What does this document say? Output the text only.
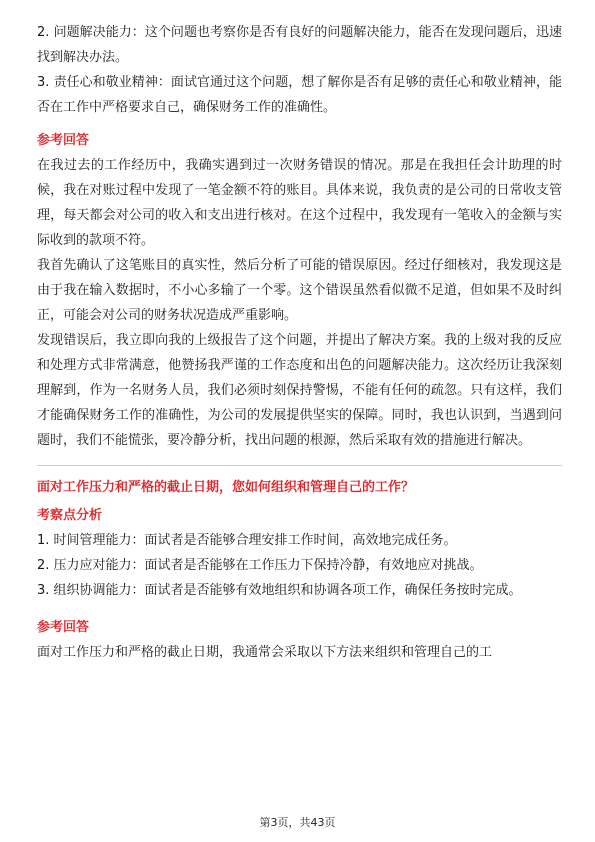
2. 问题解决能力：这个问题也考察你是否有良好的问题解决能力，能否在发现问题后，迅速找到解决办法。

3. 责任心和敬业精神：面试官通过这个问题，想了解你是否有足够的责任心和敬业精神，能否在工作中严格要求自己，确保财务工作的准确性。

参考回答

在我过去的工作经历中，我确实遇到过一次财务错误的情况。那是在我担任会计助理的时候，我在对账过程中发现了一笔金额不符的账目。具体来说，我负责的是公司的日常收支管理，每天都会对公司的收入和支出进行核对。在这个过程中，我发现有一笔收入的金额与实际收到的款项不符。

我首先确认了这笔账目的真实性，然后分析了可能的错误原因。经过仔细核对，我发现这是由于我在输入数据时，不小心多输了一个零。这个错误虽然看似微不足道，但如果不及时纠正，可能会对公司的财务状况造成严重影响。

发现错误后，我立即向我的上级报告了这个问题，并提出了解决方案。我的上级对我的反应和处理方式非常满意，他赞扬我严谨的工作态度和出色的问题解决能力。这次经历让我深刻理解到，作为一名财务人员，我们必须时刻保持警惕，不能有任何的疏忽。只有这样，我们才能确保财务工作的准确性，为公司的发展提供坚实的保障。同时，我也认识到，当遇到问题时，我们不能慌张，要冷静分析，找出问题的根源，然后采取有效的措施进行解决。

面对工作压力和严格的截止日期，您如何组织和管理自己的工作？

考察点分析

1. 时间管理能力：面试者是否能够合理安排工作时间，高效地完成任务。

2. 压力应对能力：面试者是否能够在工作压力下保持冷静，有效地应对挑战。

3. 组织协调能力：面试者是否能够有效地组织和协调各项工作，确保任务按时完成。

参考回答

面对工作压力和严格的截止日期，我通常会采取以下方法来组织和管理自己的工

第3页，共43页
